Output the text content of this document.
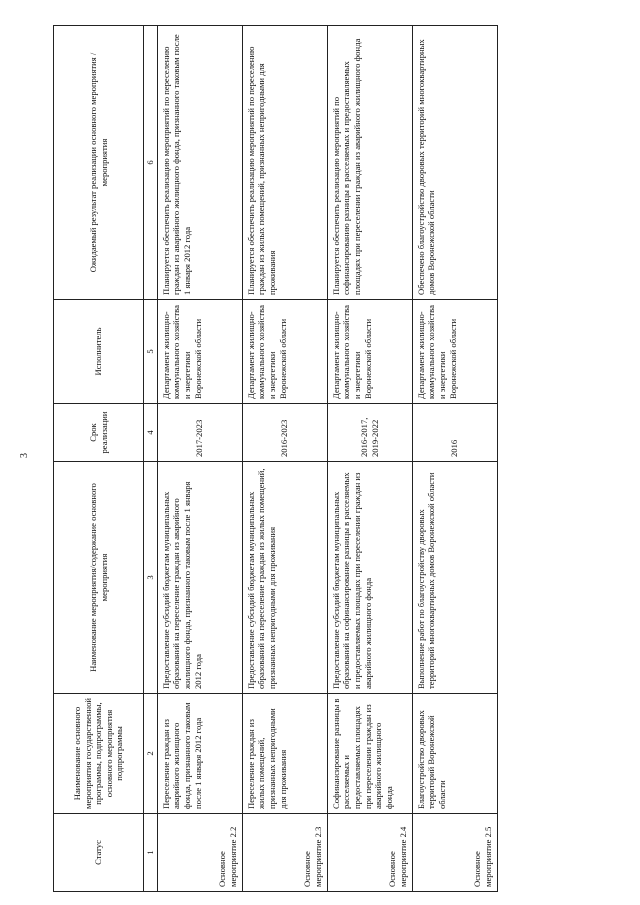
3
Статус	Наименование основного мероприятия государственной программы, подпрограммы, основного мероприятия подпрограммы	Наименование мероприятия/содержание основного мероприятия	Срок реализации	Исполнитель	Ожидаемый результат реализации основного мероприятия /мероприятия
1	2	3	4	5	6
Основное мероприятие 2.2	Переселение граждан из аварийного жилищного фонда, признанного таковым после 1 января 2012 года	Предоставление субсидий бюджетам муниципальных образований на переселение граждан из аварийного жилищного фонда, признанного таковым после 1 января 2012 года	2017-2023	Департамент жилищно-коммунального хозяйства и энергетики Воронежской области	Планируется обеспечить реализацию мероприятий по переселению граждан из аварийного жилищного фонда, признанного таковым после 1 января 2012 года
Основное мероприятие 2.3	Переселение граждан из жилых помещений, признанных непригодными для проживания	Предоставление субсидий бюджетам муниципальных образований на переселение граждан из жилых помещений, признанных непригодными для проживания	2016-2023	Департамент жилищно-коммунального хозяйства и энергетики Воронежской области	Планируется обеспечить реализацию мероприятий по переселению граждан из жилых помещений, признанных непригодными для проживания
Основное мероприятие 2.4	Софинансирование разницы в расселяемых и предоставляемых площадях при переселении граждан из аварийного жилищного фонда	Предоставление субсидий бюджетам муниципальных образований на софинансирование разницы в расселяемых и предоставляемых площадях при переселении граждан из аварийного жилищного фонда	2016-2017, 2019-2022	Департамент жилищно-коммунального хозяйства и энергетики Воронежской области	Планируется обеспечить реализацию мероприятий по софинансированию разницы в расселяемых и предоставляемых площадях при переселении граждан из аварийного жилищного фонда
Основное мероприятие 2.5	Благоустройство дворовых территорий Воронежской области	Выполнение работ по благоустройству дворовых территорий многоквартирных домов Воронежской области	2016	Департамент жилищно-коммунального хозяйства и энергетики Воронежской области	Обеспечено благоустройство дворовых территорий многоквартирных домов Воронежской области
